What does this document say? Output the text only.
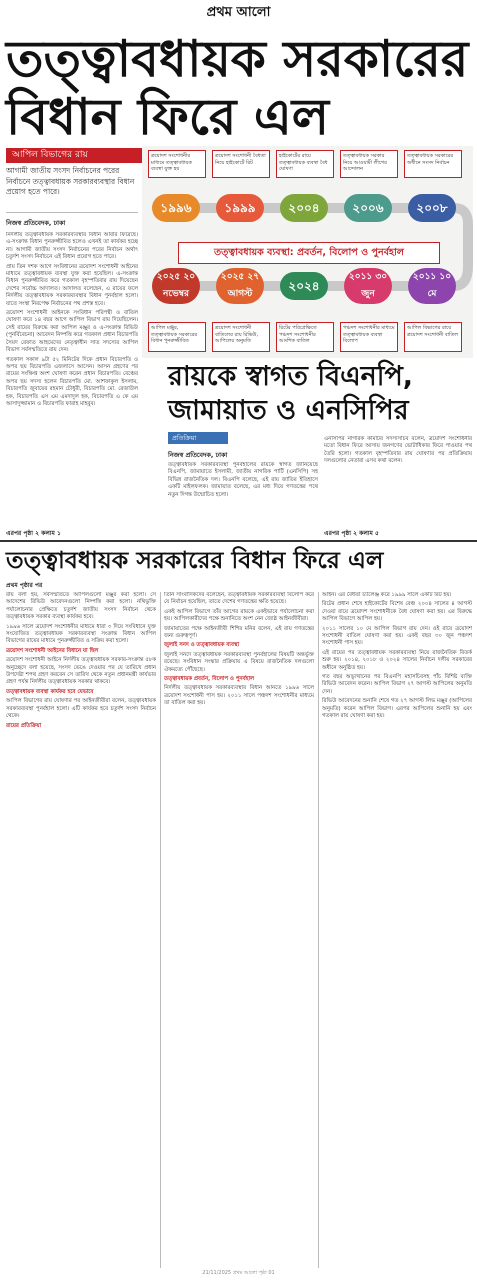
প্রথম আলো
তত্ত্বাবধায়ক সরকারের বিধান ফিরে এল
আপিল বিভাগের রায়
আগামী জাতীয় সংসদ নির্বাচনের পরের নির্বাচনে তত্ত্বাবধায়ক সরকারব্যবস্থার বিধান প্রয়োগ হতে পারে।
নিজস্ব প্রতিবেদক, ঢাকা

নির্দলীয় তত্ত্বাবধায়ক সরকারব্যবস্থার বিধান আবার ফিরেছে। এ-সংক্রান্ত বিধান পুনরুজ্জীবিত হলেও এখনই তা কার্যকর হচ্ছে না। আগামী জাতীয় সংসদ নির্বাচনের পরের নির্বাচন অর্থাৎ চতুর্দশ সংসদ নির্বাচনে এই বিধান প্রয়োগ হতে পারে।

প্রায় তিন দশক আগে সংবিধানের ত্রয়োদশ সংশোধনী আইনের মাধ্যমে তত্ত্বাবধায়ক ব্যবস্থা যুক্ত করা হয়েছিল। এ-সংক্রান্ত বিধান পুনরুজ্জীবিত করে গতকাল বৃহস্পতিবার রায় দিয়েছেন দেশের সর্বোচ্চ আদালত। আদালত বলেছেন, এ রায়ের ফলে নির্দলীয় তত্ত্বাবধায়ক সরকারব্যবস্থার বিধান পুনর্বহাল হলো। যাতে সংস্থা নিরপেক্ষ নির্বাচনের পথ প্রশস্ত হবে।

ত্রয়োদশ সংশোধনী আইনকে সংবিধান পরিপন্থী ও বাতিল ঘোষণা করে ১৪ বছর আগে আপিল বিভাগ রায় দিয়েছিলেন। সেই রায়ের বিরুদ্ধে করা আপিল মঞ্জুর ও এ-সংক্রান্ত রিভিউ (পুনর্বিবেচনা) আবেদন নিষ্পত্তি করে গতকাল প্রধান বিচারপতি সৈয়দ রেফাত আহমেদের নেতৃত্বাধীন সাত সদস্যের আপিল বিভাগ সর্বসম্মতিতে রায় দেন।

গতকাল সকাল ৯টা ৫২ মিনিটের দিকে প্রধান বিচারপতি ও অপর ছয় বিচারপতি এজলাসে আসেন। আসন গ্রহণের পর রায়ের সংক্ষিপ্ত অংশ ঘোষণা করেন প্রধান বিচারপতি। বেঞ্চের অপর ছয় সদস্য হলেন বিচারপতি মো. আশফাকুল ইসলাম, বিচারপতি জুবায়ের রহমান চৌধুরী, বিচারপতি মো. রেজাউল হক, বিচারপতি এস এম এমদাদুল হক, বিচারপতি এ কে এম আসাদুজ্জামান ও বিচারপতি ফারাহ মাহবুব।

এরপর পৃষ্ঠা ২ কলাম ১
ত্রয়োদশ সংশোধনীর মাধ্যমে তত্ত্বাবধায়ক ব্যবস্থা যুক্ত হয়
ত্রয়োদশ সংশোধনী বৈধতা নিয়ে হাইকোর্টে রিট
হাইকোর্টের রায়ে তত্ত্বাবধায়ক ব্যবস্থা বৈধ ঘোষণা
তত্ত্বাবধায়ক সরকার নিয়ে আওয়ামী লীগের আন্দোলন
তত্ত্বাবধায়ক সরকারের অধীনে সংসদ নির্বাচন
১৯৯৬	১৯৯৯	২০০৪	২০০৬	২০০৮
তত্ত্বাবধায়ক ব্যবস্থা: প্রবর্তন, বিলোপ ও পুনর্বহাল
২০২৫ ২০ নভেম্বর
২০২৫ ২৭ আগস্ট
২০২৪
২০১১ ৩০ জুন
২০১১ ১০ মে
আপিল মঞ্জুর, তত্ত্বাবধায়ক সরকারের বিধান পুনরুজ্জীবিত
ত্রয়োদশ সংশোধনী বাতিলের রায় রিভিউ, আপিলের অনুমতি
রিটের পরিপ্রেক্ষিতে পঞ্চদশ সংশোধনীর আংশিক বাতিল
পঞ্চদশ সংশোধনীর মাধ্যমে তত্ত্বাবধায়ক ব্যবস্থা বিলোপ
আপিল বিভাগের রায়ে ত্রয়োদশ সংশোধনী বাতিল
রায়কে স্বাগত বিএনপি, জামায়াত ও এনসিপির
প্রতিক্রিয়া
নিজস্ব প্রতিবেদক, ঢাকা
তত্ত্বাবধায়ক সরকারব্যবস্থা পুনর্বহালের রায়কে স্বাগত জানিয়েছে বিএনপি, জামায়াতে ইসলামী, জাতীয় নাগরিক পার্টি (এনসিপি) সহ বিভিন্ন রাজনৈতিক দল। বিএনপি বলেছে, এই রায় জাতির ইতিহাসে একটি মাইলফলক। জামায়াত বলেছে, এর মধ্য দিয়ে গণতন্ত্রের পথে নতুন দিগন্ত উন্মোচিত হলো।
এনসিপির নাগরিক কমিটির সদস্যসচিব বলেন, ত্রয়োদশ সংশোধনীর মতো বিধান ফিরে আসায় জনগণের ভোটাধিকার ফিরে পাওয়ার পথ তৈরি হলো। গতকাল বৃহস্পতিবার রায় ঘোষণার পর প্রতিক্রিয়ায় দলগুলোর নেতারা এসব কথা বলেন।
এরপর পৃষ্ঠা ২ কলাম ৫
তত্ত্বাবধায়ক সরকারের বিধান ফিরে এল
প্রথম পৃষ্ঠার পর

রায় বলা হয়, সর্বসম্মতিতে আপিলগুলো মঞ্জুর করা হলো। সে আদেশের রিভিউ আবেদনগুলো নিষ্পত্তি করা হলো। নথিভুক্তি পর্যালোচনার প্রেক্ষিতে চতুর্দশ জাতীয় সংসদ নির্বাচন থেকে তত্ত্বাবধায়ক সরকার ব্যবস্থা কার্যকর হবে।

১৯৯৬ সালে ত্রয়োদশ সংশোধনীর মাধ্যমে ধারা ৩ দিয়ে সংবিধানে যুক্ত সংযোজিত তত্ত্বাবধায়ক সরকারব্যবস্থা সংক্রান্ত বিধান আপিল বিভাগের রায়ের মাধ্যমে পুনরুজ্জীবিত ও সক্রিয় করা হলো।

ত্রয়োদশ সংশোধনী আইনের বিধানে যা ছিল

ত্রয়োদশ সংশোধনী আইনে নির্দলীয় তত্ত্বাবধায়ক সরকার-সংক্রান্ত ৫৮ক অনুচ্ছেদে বলা হয়েছে, সংসদ ভেঙে দেওয়ার পর যে তারিখে প্রধান উপদেষ্টা শপথ গ্রহণ করবেন সে তারিখ থেকে নতুন প্রধানমন্ত্রী কার্যভার গ্রহণ পর্যন্ত নির্দলীয় তত্ত্বাবধায়ক সরকার থাকবে।

তত্ত্বাবধায়ক ব্যবস্থা কার্যকর হবে যেভাবে

আপিল বিভাগের রায় ঘোষণার পর আইনজীবীরা বলেন, তত্ত্বাবধায়ক সরকারব্যবস্থা পুনর্বহাল হলো। এটি কার্যকর হবে চতুর্দশ সংসদ নির্বাচন থেকে।

রায়ের প্রতিক্রিয়া

তিনি সাংবাদিকদের বলেছেন, তত্ত্বাবধায়ক সরকারব্যবস্থা বিলোপ করে যে নির্বাচন হয়েছিল, তাতে দেশের গণতন্ত্রের ক্ষতি হয়েছে।

একই আপিল বিভাগে তাঁর আগের রায়কে একইভাবে পর্যালোচনা করা হয়। আপিলকারীদের পক্ষে শুনানিতে অংশ নেন জ্যেষ্ঠ আইনজীবীরা।

জামায়াতের পক্ষে আইনজীবী শিশির মনির বলেন, এই রায় গণতন্ত্রের জন্য গুরুত্বপূর্ণ।

জুলাই সনদ ও তত্ত্বাবধায়ক ব্যবস্থা

জুলাই সনদে তত্ত্বাবধায়ক সরকারব্যবস্থা পুনর্বহালের বিষয়টি অন্তর্ভুক্ত রয়েছে। সংবিধান সংস্কার প্রক্রিয়ায় এ বিষয়ে রাজনৈতিক দলগুলো ঐকমত্যে পৌঁছেছে।

তত্ত্বাবধায়ক প্রবর্তন, বিলোপ ও পুনর্বহাল

নির্দলীয় তত্ত্বাবধায়ক সরকারব্যবস্থার বিধান আনতে ১৯৯৬ সালে ত্রয়োদশ সংশোধনী পাস হয়। ২০১১ সালে পঞ্চদশ সংশোধনীর মাধ্যমে তা বাতিল করা হয়।

আইন। এর বৈধতা চ্যালেঞ্জ করে ১৯৯৯ সালে একটি রিট হয়।

রিটের প্রধান শেষে হাইকোর্টের বিশেষ বেঞ্চ ২০০৪ সালের ৪ আগস্ট দেওয়া রায়ে ত্রয়োদশ সংশোধনীকে বৈধ ঘোষণা করা হয়। এর বিরুদ্ধে আপিল বিভাগে আপিল হয়।

২০১১ সালের ১০ মে আপিল বিভাগ রায় দেন। ওই রায়ে ত্রয়োদশ সংশোধনী বাতিল ঘোষণা করা হয়। একই বছর ৩০ জুন পঞ্চদশ সংশোধনী পাস হয়।

এই রায়ের পর তত্ত্বাবধায়ক সরকারব্যবস্থা নিয়ে রাজনৈতিক বিতর্ক শুরু হয়। ২০১৪, ২০১৮ ও ২০২৪ সালের নির্বাচন দলীয় সরকারের অধীনে অনুষ্ঠিত হয়।

গত বছর অভ্যুত্থানের পর বিএনপি মহাসচিবসহ পাঁচ বিশিষ্ট ব্যক্তি রিভিউ আবেদন করেন। আপিল বিভাগ ২৭ আগস্ট আপিলের অনুমতি দেন।

রিভিউ আবেদনের শুনানি শেষে গত ২৭ আগস্ট লিভ মঞ্জুর (আপিলের অনুমতি) করেন আপিল বিভাগ। এরপর আপিলের শুনানি হয় এবং গতকাল রায় ঘোষণা করা হয়।

21/11/2025 প্রথম আলো পৃষ্ঠা 01
